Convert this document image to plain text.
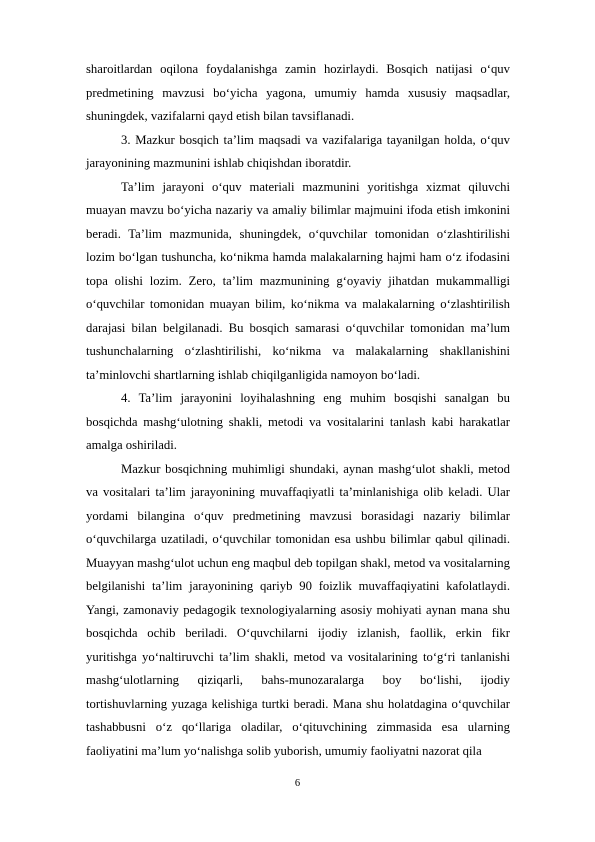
sharoitlardan oqilona foydalanishga zamin hozirlaydi. Bosqich natijasi o‘quv predmetining mavzusi bo‘yicha yagona, umumiy hamda xususiy maqsadlar, shuningdek, vazifalarni qayd etish bilan tavsiflanadi.

3. Mazkur bosqich ta’lim maqsadi va vazifalariga tayanilgan holda, o‘quv jarayonining mazmunini ishlab chiqishdan iboratdir.

Ta’lim jarayoni o‘quv materiali mazmunini yoritishga xizmat qiluvchi muayan mavzu bo‘yicha nazariy va amaliy bilimlar majmuini ifoda etish imkonini beradi. Ta’lim mazmunida, shuningdek, o‘quvchilar tomonidan o‘zlashtirilishi lozim bo‘lgan tushuncha, ko‘nikma hamda malakalarning hajmi ham o‘z ifodasini topa olishi lozim. Zero, ta’lim mazmunining g‘oyaviy jihatdan mukammalligi o‘quvchilar tomonidan muayan bilim, ko‘nikma va malakalarning o‘zlashtirilish darajasi bilan belgilanadi. Bu bosqich samarasi o‘quvchilar tomonidan ma’lum tushunchalarning o‘zlashtirilishi, ko‘nikma va malakalarning shakllanishini ta’minlovchi shartlarning ishlab chiqilganligida namoyon bo‘ladi.

4. Ta’lim jarayonini loyihalashning eng muhim bosqishi sanalgan bu bosqichda mashg‘ulotning shakli, metodi va vositalarini tanlash kabi harakatlar amalga oshiriladi.

Mazkur bosqichning muhimligi shundaki, aynan mashg‘ulot shakli, metod va vositalari ta’lim jarayonining muvaffaqiyatli ta’minlanishiga olib keladi. Ular yordami bilangina o‘quv predmetining mavzusi borasidagi nazariy bilimlar o‘quvchilarga uzatiladi, o‘quvchilar tomonidan esa ushbu bilimlar qabul qilinadi. Muayyan mashg‘ulot uchun eng maqbul deb topilgan shakl, metod va vositalarning belgilanishi ta’lim jarayonining qariyb 90 foizlik muvaffaqiyatini kafolatlaydi. Yangi, zamonaviy pedagogik texnologiyalarning asosiy mohiyati aynan mana shu bosqichda ochib beriladi. O‘quvchilarni ijodiy izlanish, faollik, erkin fikr yuritishga yo‘naltiruvchi ta’lim shakli, metod va vositalarining to‘g‘ri tanlanishi mashg‘ulotlarning qiziqarli, bahs-munozaralarga boy bo‘lishi, ijodiy tortishuvlarning yuzaga kelishiga turtki beradi. Mana shu holatdagina o‘quvchilar tashabbusni o‘z qo‘llariga oladilar, o‘qituvchining zimmasida esa ularning faoliyatini ma’lum yo‘nalishga solib yuborish, umumiy faoliyatni nazorat qila

6
